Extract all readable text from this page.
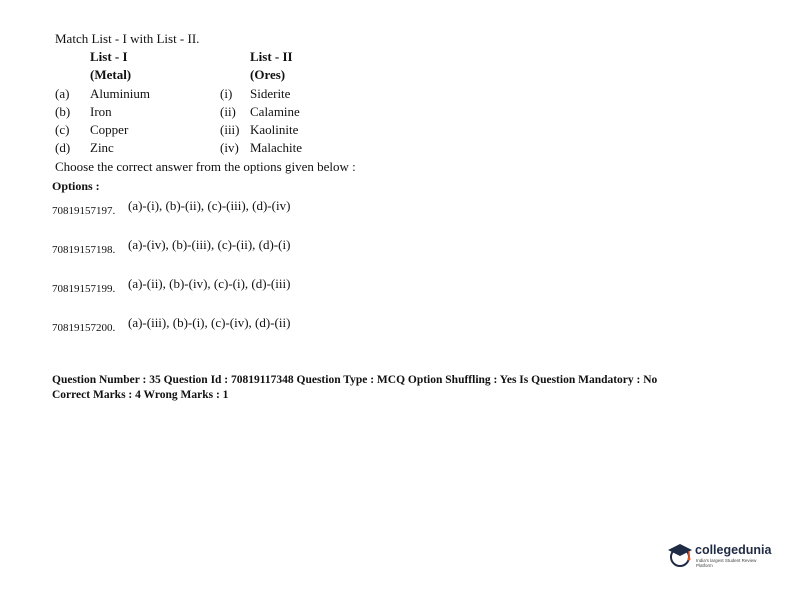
Match List - I with List - II.
List - I	List - II
(Metal)	(Ores)
(a) Aluminium	(i) Siderite
(b) Iron	(ii) Calamine
(c) Copper	(iii) Kaolinite
(d) Zinc	(iv) Malachite
Choose the correct answer from the options given below :
Options :
70819157197. (a)-(i), (b)-(ii), (c)-(iii), (d)-(iv)
70819157198. (a)-(iv), (b)-(iii), (c)-(ii), (d)-(i)
70819157199. (a)-(ii), (b)-(iv), (c)-(i), (d)-(iii)
70819157200. (a)-(iii), (b)-(i), (c)-(iv), (d)-(ii)
Question Number : 35 Question Id : 70819117348 Question Type : MCQ Option Shuffling : Yes Is Question Mandatory : No
Correct Marks : 4 Wrong Marks : 1
collegedunia
India's largest Student Review Platform
